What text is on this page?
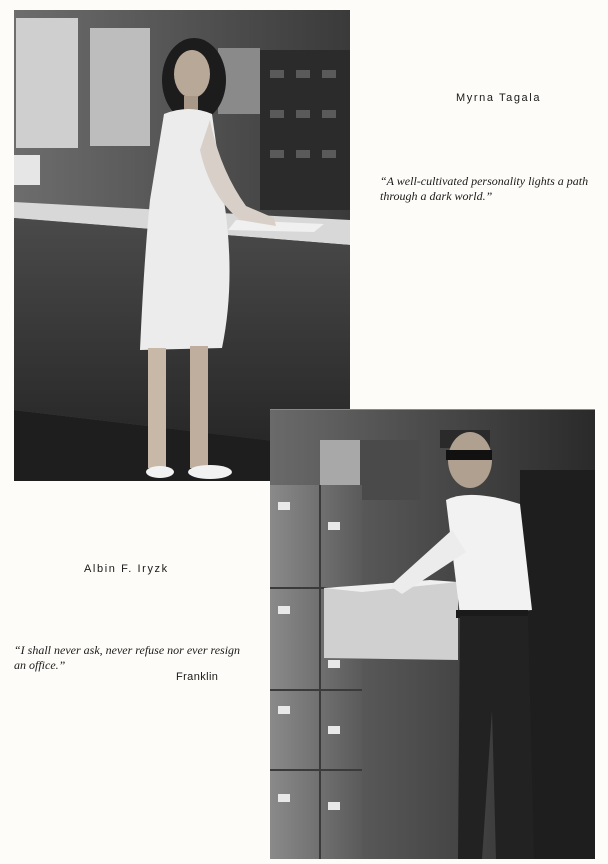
Myrna Tagala
“A well-cultivated personality lights a path
through a dark world.”
Albin F. Iryzk
“I shall never ask, never refuse nor ever resign
an office.”
Franklin
